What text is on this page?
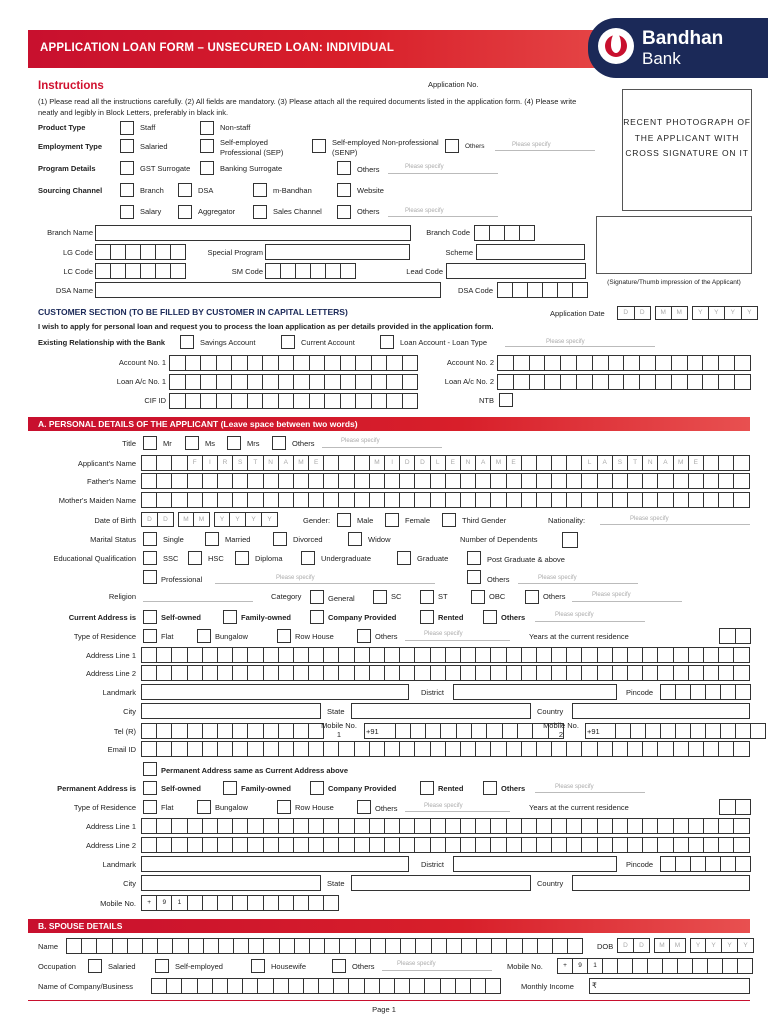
APPLICATION LOAN FORM – UNSECURED LOAN: INDIVIDUAL	Bandhan
Bank
Instructions	Application No.
(1) Please read all the instructions carefully. (2) All fields are mandatory. (3) Please attach all the required documents listed in the application form. (4) Please write neatly and legibly in Block Letters, preferably in black ink.
RECENT PHOTOGRAPH OF THE APPLICANT WITH CROSS SIGNATURE ON IT
(Signature/Thumb impression of the Applicant)
Product Type	Staff	Non-staff
Employment Type	Salaried	Self-employed Professional (SEP)
Self-employed Non-professional (SENP)
Others	Please specify
Program Details	GST Surrogate	Banking Surrogate	Others	Please specify
Sourcing Channel	Branch	DSA	m-Bandhan	Website
Salary	Aggregator	Sales Channel	Others	Please specify
Branch Name	Branch Code
LG Code	Special Program	Scheme
LC Code	SM Code	Lead Code
DSA Name	DSA Code
CUSTOMER SECTION (TO BE FILLED BY CUSTOMER IN CAPITAL LETTERS)	Application Date	D	D	M	M	Y	Y	Y	Y
I wish to apply for personal loan and request you to process the loan application as per details provided in the application form.
Existing Relationship with the Bank	Savings Account	Current Account	Loan Account - Loan Type	Please specify
Account No. 1	Account No. 2
Loan A/c No. 1	Loan A/c No. 2
CIF ID	NTB
A. PERSONAL DETAILS OF THE APPLICANT (Leave space between two words)
Title	Mr	Ms	Mrs	Others	Please specify
Applicant's Name	F	I	R	S	T	N	A	M	E	M	I	D	D	L	E	N	A	M	E	L	A	S	T	N	A	M	E
Father's Name
Mother's Maiden Name
Date of Birth	D	D	M	M	Y	Y	Y	Y	Gender:	Male	Female	Third Gender	Nationality:	Please specify
Marital Status	Single	Married	Divorced	Widow	Number of Dependents
Educational Qualification	SSC	HSC	Diploma	Undergraduate	Graduate	Post Graduate & above
Professional	Please specify	Others	Please specify
Religion	Category	General	SC	ST	OBC	Others	Please specify
Current Address is	Self-owned	Family-owned	Company Provided	Rented	Others	Please specify
Type of Residence	Flat	Bungalow	Row House	Others	Please specify	Years at the current residence
Address Line 1
Address Line 2
Landmark	District	Pincode
City	State	Country
Tel (R)
Mobile No. 1	+91
Mobile No. 2	+91
Email ID
Permanent Address same as Current Address above
Permanent Address is	Self-owned	Family-owned	Company Provided	Rented	Others	Please specify
Type of Residence	Flat	Bungalow	Row House	Others	Please specify	Years at the current residence
Address Line 1
Address Line 2
Landmark	District	Pincode
City	State	Country
Mobile No.	+	9	1
B. SPOUSE DETAILS
Name	DOB	D	D	M	M	Y	Y	Y	Y
Occupation	Salaried	Self-employed	Housewife	Others	Please specify	Mobile No.	+	9	1
Name of Company/Business	Monthly Income ₹
Page 1
